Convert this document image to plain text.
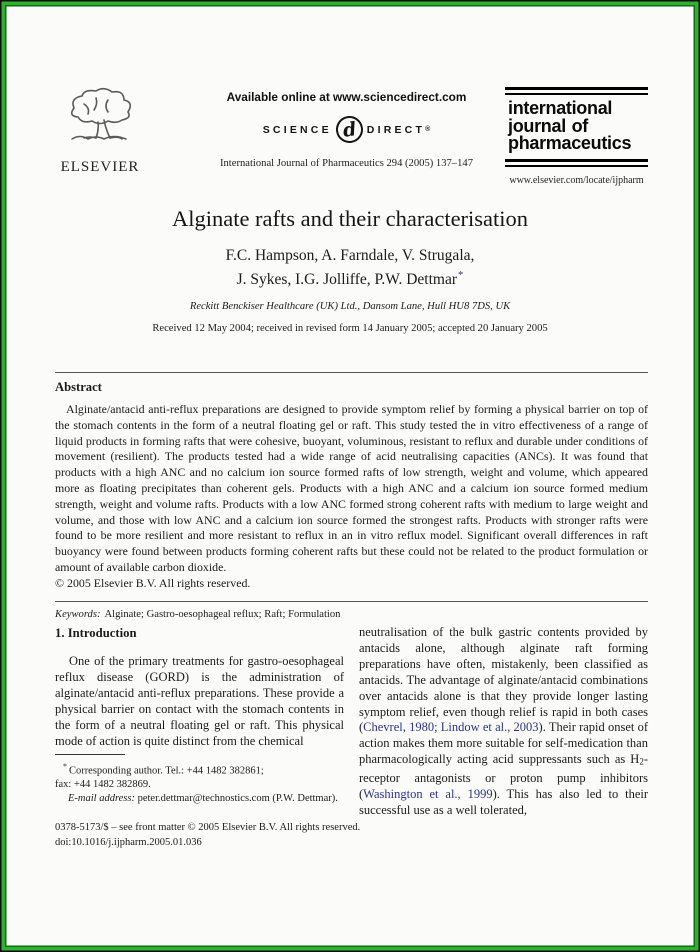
ELSEVIER
Available online at www.sciencedirect.com
SCIENCE d DIRECT ®
International Journal of Pharmaceutics 294 (2005) 137–147
international
journal of
pharmaceutics
www.elsevier.com/locate/ijpharm
Alginate rafts and their characterisation
F.C. Hampson, A. Farndale, V. Strugala,
J. Sykes, I.G. Jolliffe, P.W. Dettmar*
Reckitt Benckiser Healthcare (UK) Ltd., Dansom Lane, Hull HU8 7DS, UK
Received 12 May 2004; received in revised form 14 January 2005; accepted 20 January 2005
Abstract

Alginate/antacid anti-reflux preparations are designed to provide symptom relief by forming a physical barrier on top of the stomach contents in the form of a neutral floating gel or raft. This study tested the in vitro effectiveness of a range of liquid products in forming rafts that were cohesive, buoyant, voluminous, resistant to reflux and durable under conditions of movement (resilient). The products tested had a wide range of acid neutralising capacities (ANCs). It was found that products with a high ANC and no calcium ion source formed rafts of low strength, weight and volume, which appeared more as floating precipitates than coherent gels. Products with a high ANC and a calcium ion source formed medium strength, weight and volume rafts. Products with a low ANC formed strong coherent rafts with medium to large weight and volume, and those with low ANC and a calcium ion source formed the strongest rafts. Products with stronger rafts were found to be more resilient and more resistant to reflux in an in vitro reflux model. Significant overall differences in raft buoyancy were found between products forming coherent rafts but these could not be related to the product formulation or amount of available carbon dioxide.

© 2005 Elsevier B.V. All rights reserved.

Keywords: Alginate; Gastro-oesophageal reflux; Raft; Formulation

1. Introduction

One of the primary treatments for gastro-oesophageal reflux disease (GORD) is the administration of alginate/antacid anti-reflux preparations. These provide a physical barrier on contact with the stomach contents in the form of a neutral floating gel or raft. This physical mode of action is quite distinct from the chemical

neutralisation of the bulk gastric contents provided by antacids alone, although alginate raft forming preparations have often, mistakenly, been classified as antacids. The advantage of alginate/antacid combinations over antacids alone is that they provide longer lasting symptom relief, even though relief is rapid in both cases (Chevrel, 1980; Lindow et al., 2003). Their rapid onset of action makes them more suitable for self-medication than pharmacologically acting acid suppressants such as H2-receptor antagonists or proton pump inhibitors (Washington et al., 1999). This has also led to their successful use as a well tolerated,

* Corresponding author. Tel.: +44 1482 382861;
fax: +44 1482 382869.
E-mail address: peter.dettmar@technostics.com (P.W. Dettmar).
0378-5173/$ – see front matter © 2005 Elsevier B.V. All rights reserved.
doi:10.1016/j.ijpharm.2005.01.036
